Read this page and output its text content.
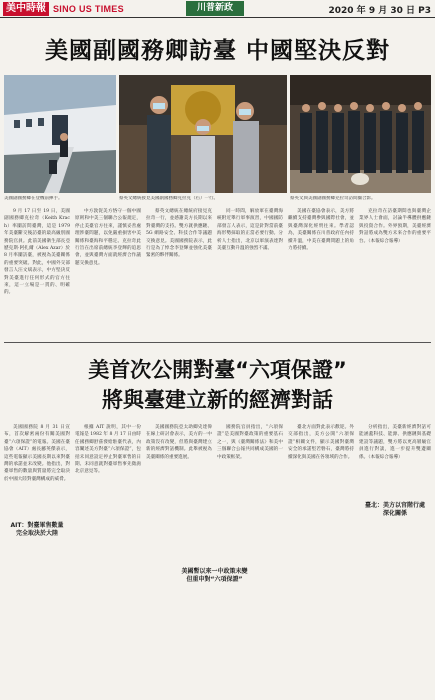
美中時報 SINO US TIMES	川普新政	2020 年 9 月 30 日 P3
美國副國務卿訪臺 中國堅決反對
美國副國務卿在登機前揮手。	蔡英文總統接見美國副國務卿克拉克（右）一行。	蔡英文與美國副國務卿克拉奇訪問團合影。

9 月 17 日至 19 日，美國副國務卿克拉奇（Keith Krach）率團訪問臺灣，這是 1979 年美臺斷交後訪臺的最高級別國務院官員。此前美國衛生部長亞歷克斯·阿扎爾（Alex Azar）於 8 月率團訪臺，被視為美臺關係的重要突破。對此，中國外交部發言人汪文斌表示，中方堅決反對美臺進行任何形式的官方往來，這一立場是一貫的、明確的。

中方敦促美方恪守一個中國原則和中美三個聯合公報規定，停止美臺官方往來，謹慎妥善處理涉臺問題，以免嚴重損害中美關係和臺海和平穩定。克拉奇此行旨在出席前總統李登輝的追思會，並與臺灣方面就經濟合作議題交換意見。

蔡英文總統在總統府接見克拉奇一行，並感謝美方長期以來對臺灣的支持。雙方就供應鏈、5G 網路安全、科技合作等議題交換意見。美國國務院表示，此行是為了悼念李登輝並強化美臺緊密的夥伴關係。

同一時間，解放軍在臺灣海峽附近舉行軍事演習，中國國防部發言人表示，這是針對當前臺海形勢採取的正當必要行動。分析人士指出，北京以軍演表達對美臺互動升溫的強烈不滿。

美國在臺協會表示，美方將繼續支持臺灣參與國際社會，並與臺灣深化經貿往來。學者認為，美臺關係在川普政府任內持續升溫，中美在臺灣問題上的角力將持續。

克拉奇在訪臺期間也與臺灣企業界人士會面，討論半導體供應鏈與投資合作。外界預期，美臺經濟對話將成為雙方未來合作的重要平台。（本報綜合報導）

美首次公開對臺“六項保證”
將與臺建立新的經濟對話

美國國務院 8 月 31 日宣布，首次解密兩份有關美國對臺“六項保證”的電報。美國在臺協會（AIT）處長酈英傑表示，這些電報顯示美國長期以來對臺灣的承諾並未改變。他指出，對臺軍售的數量與質量將完全取決於中國大陸對臺灣構成的威脅。

AIT：對臺軍售數量
完全取決於大陸

根據 AIT 說明，其中一份電報是 1982 年 8 月 17 日由時任國務卿舒茲發給駐臺代表，內容闡述美方對臺“六項保證”，包括未同意設定停止對臺軍售的日期、未同意就對臺軍售事先徵詢北京意見等。

美國國務院亞太助卿史達偉在線上研討會表示，美方的一中政策沒有改變，但將與臺灣建立新的經濟對話機制。此舉被視為美臺關係的重要進展。

國務院官員指出，“六項保證”是美國對臺政策的重要基石之一，與《臺灣關係法》和美中三個聯合公報共同構成美國的一中政策框架。

美國暫以來一中政策未變
但重申對“六項保證”

臺北方面對此表示歡迎。外交部指出，美方公開“六項保證”相關文件，顯示美國對臺灣安全的承諾堅若磐石，臺灣將持續深化與美國在各領域的合作。

分析指出，美臺新經濟對話可能涵蓋科技、能源、供應鏈與基礎建設等議題，雙方將以更高層級官員進行對談，進一步提升雙邊關係。（本報綜合報導）

臺北：美方以官階行處
深化關係
